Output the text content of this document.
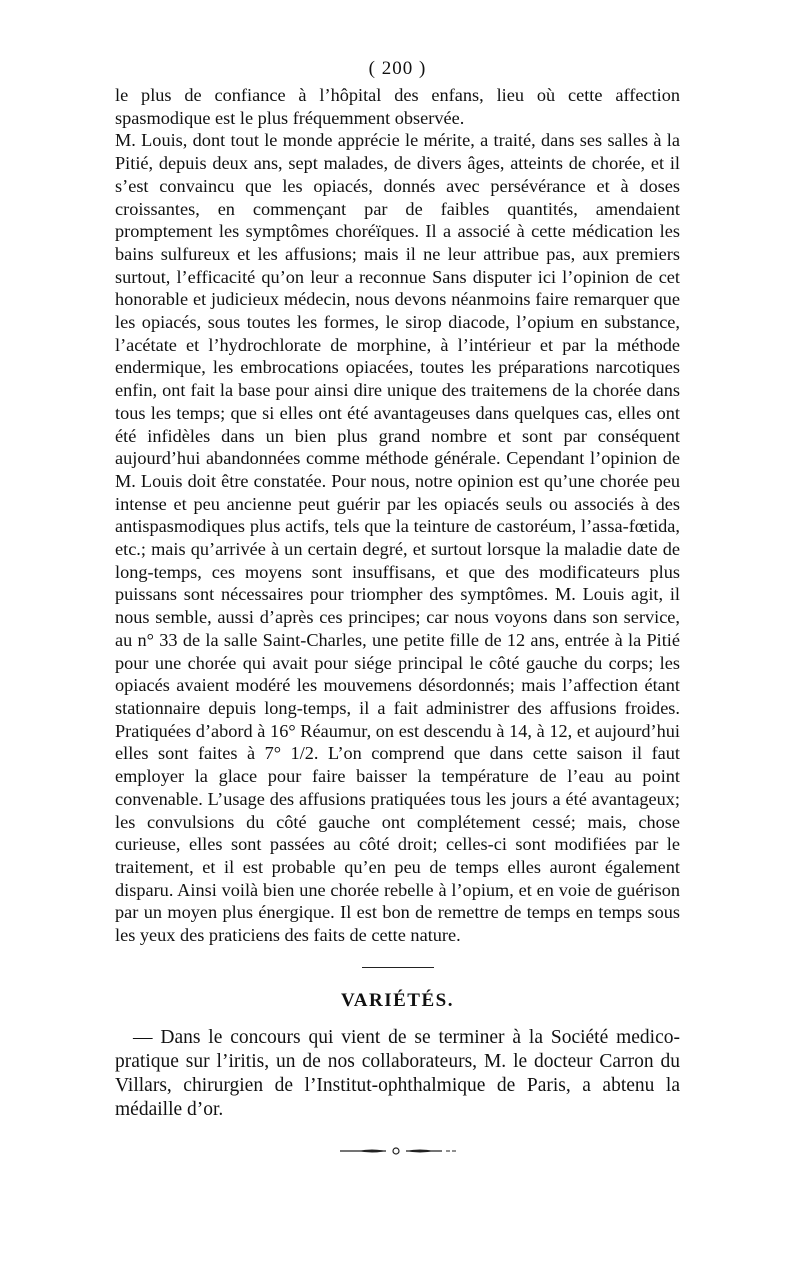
( 200 )

le plus de confiance à l’hôpital des enfans, lieu où cette affection spasmodique est le plus fréquemment observée.

M. Louis, dont tout le monde apprécie le mérite, a traité, dans ses salles à la Pitié, depuis deux ans, sept malades, de divers âges, atteints de chorée, et il s’est convaincu que les opiacés, donnés avec persévérance et à doses croissantes, en commençant par de faibles quantités, amendaient promptement les symptômes choréïques. Il a associé à cette médication les bains sulfureux et les affusions; mais il ne leur attribue pas, aux premiers surtout, l’efficacité qu’on leur a reconnue Sans disputer ici l’opinion de cet honorable et judicieux médecin, nous devons néanmoins faire remarquer que les opiacés, sous toutes les formes, le sirop diacode, l’opium en substance, l’acétate et l’hydrochlorate de morphine, à l’intérieur et par la méthode endermique, les embrocations opiacées, toutes les préparations narcotiques enfin, ont fait la base pour ainsi dire unique des traitemens de la chorée dans tous les temps; que si elles ont été avantageuses dans quelques cas, elles ont été infidèles dans un bien plus grand nombre et sont par conséquent aujourd’hui abandonnées comme méthode générale. Cependant l’opinion de M. Louis doit être constatée. Pour nous, notre opinion est qu’une chorée peu intense et peu ancienne peut guérir par les opiacés seuls ou associés à des antispasmodiques plus actifs, tels que la teinture de castoréum, l’assa-fœtida, etc.; mais qu’arrivée à un certain degré, et surtout lorsque la maladie date de long-temps, ces moyens sont insuffisans, et que des modificateurs plus puissans sont nécessaires pour triompher des symptômes. M. Louis agit, il nous semble, aussi d’après ces principes; car nous voyons dans son service, au n° 33 de la salle Saint-Charles, une petite fille de 12 ans, entrée à la Pitié pour une chorée qui avait pour siége principal le côté gauche du corps; les opiacés avaient modéré les mouvemens désordonnés; mais l’affection étant stationnaire depuis long-temps, il a fait administrer des affusions froides. Pratiquées d’abord à 16° Réaumur, on est descendu à 14, à 12, et aujourd’hui elles sont faites à 7° 1/2. L’on comprend que dans cette saison il faut employer la glace pour faire baisser la température de l’eau au point convenable. L’usage des affusions pratiquées tous les jours a été avantageux; les convulsions du côté gauche ont complétement cessé; mais, chose curieuse, elles sont passées au côté droit; celles-ci sont modifiées par le traitement, et il est probable qu’en peu de temps elles auront également disparu. Ainsi voilà bien une chorée rebelle à l’opium, et en voie de guérison par un moyen plus énergique. Il est bon de remettre de temps en temps sous les yeux des praticiens des faits de cette nature.

VARIÉTÉS.

— Dans le concours qui vient de se terminer à la Société medico-pratique sur l’iritis, un de nos collaborateurs, M. le docteur Carron du Villars, chirurgien de l’Institut-ophthalmique de Paris, a abtenu la médaille d’or.
